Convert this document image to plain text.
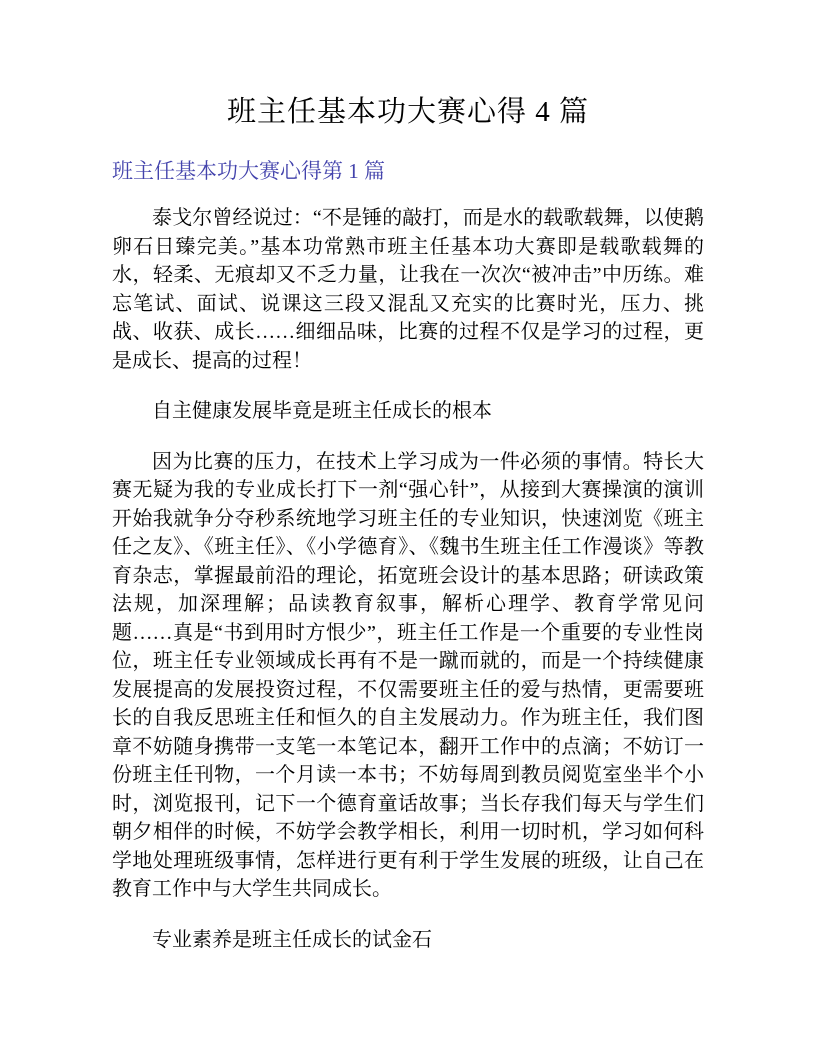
班主任基本功大赛心得 4 篇
班主任基本功大赛心得第 1 篇

泰戈尔曾经说过：“不是锤的敲打，而是水的载歌载舞，以使鹅卵石日臻完美。”基本功常熟市班主任基本功大赛即是载歌载舞的水，轻柔、无痕却又不乏力量，让我在一次次“被冲击”中历练。难忘笔试、面试、说课这三段又混乱又充实的比赛时光，压力、挑战、收获、成长……细细品味，比赛的过程不仅是学习的过程，更是成长、提高的过程！

自主健康发展毕竟是班主任成长的根本

因为比赛的压力，在技术上学习成为一件必须的事情。特长大赛无疑为我的专业成长打下一剂“强心针”，从接到大赛操演的演训开始我就争分夺秒系统地学习班主任的专业知识，快速浏览《班主任之友》、《班主任》、《小学德育》、《魏书生班主任工作漫谈》等教育杂志，掌握最前沿的理论，拓宽班会设计的基本思路；研读政策法规，加深理解；品读教育叙事，解析心理学、教育学常见问题……真是“书到用时方恨少”，班主任工作是一个重要的专业性岗位，班主任专业领域成长再有不是一蹴而就的，而是一个持续健康发展提高的发展投资过程，不仅需要班主任的爱与热情，更需要班长的自我反思班主任和恒久的自主发展动力。作为班主任，我们图章不妨随身携带一支笔一本笔记本，翻开工作中的点滴；不妨订一份班主任刊物，一个月读一本书；不妨每周到教员阅览室坐半个小时，浏览报刊，记下一个德育童话故事；当长存我们每天与学生们朝夕相伴的时候，不妨学会教学相长，利用一切时机，学习如何科学地处理班级事情，怎样进行更有利于学生发展的班级，让自己在教育工作中与大学生共同成长。

专业素养是班主任成长的试金石
